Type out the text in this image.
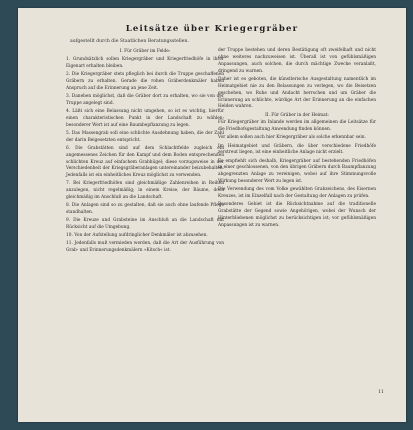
Leitsätze über Kriegergräber
aufgestellt durch die Staatlichen Beratungsstellen.

I. Für Gräber im Felde:

1. Grundsätzlich sollen Kriegergräber und Kriegerfriedhöfe in ihrer Eigenart erhalten bleiben.

2. Die Kriegergräber stets pfleglich bei durch die Truppe geschaffenen Gräbern zu erhalten. Gerade die rohen Gräberdenkmäler haben Anspruch auf die Erinnerung an jene Zeit.

3. Daneben möglichst, daß die Gräber dort zu erhalten, wo sie von der Truppe angelegt sind.

4. Läßt sich eine Belassung nicht umgehen, so ist es wichtig, hierfür einen charakteristischen Punkt in der Landschaft zu wählen; besonderer Wert ist auf eine Baumbepflanzung zu legen.

5. Das Massengrab soll eine schlichte Ausdehnung haben, die der Zahl der darin Beigesetzten entspricht.

6. Die Grabstätten sind auf dem Schlachtfelde zugleich ein angemessenes Zeichen für den Kampf und dem Boden entsprechenden schlichten Kreuz auf einfachem Grabhügel; diese vorzugsweise in der Verschiedenheit der Kriegsgräberanlagen untereinander beizubehalten. Jedenfalls ist ein einheitliches Kreuz möglichst zu verwenden.

7. Bei Kriegerfriedhöfen sind gleichmäßige Zahlenreihen in Reihen anzulegen, nicht regelmäßig; in einem Kreise, der Bäume, doch gleichmäßig im Anschluß an die Landschaft.

8. Die Anlagen sind so zu gestalten, daß sie auch ohne laufende Pflege standhalten.

9. Die Kreuze und Grabsteine im Anschluß an die Landschaft mit Rücksicht auf die Umgebung.

10. Von der Aufstellung aufdringlicher Denkmäler ist abzusehen.

11. Jedenfalls muß vermieden werden, daß die Art der Ausführung von Grab- und Erinnerungsdenkmälern »Kitsch« ist.

der Truppe bestehen und deren Bestätigung oft zweifelhaft und nicht ohne weiteres nachzuweisen ist. Überall ist von gefühlsmäßigen Anpassungen, auch solchen, die durch mächtige Zwecke veranlaßt, dringend zu warnen.

Daher ist es geboten, die künstlerische Ausgestaltung namentlich im Heimatgebiet nie zu den Belassungen zu verlegen, wo die Beisetzen geschehen, wo Ruhe und Andacht herrschen und um Gräber die Erinnerung an schlichte, würdige Art der Erinnerung an die einfachen Helden wahren.

II. Für Gräber in der Heimat:

Für Kriegergräber im Inlande werden im allgemeinen die Leitsätze für die Friedhofsgestaltung Anwendung finden können.

Vor allem sollen auch hier Kriegergräber als solche erkennbar sein.

Im Heimatgebiet und Gräbern, die über verschiedene Friedhöfe zerstreut liegen, ist eine einheitliche Anlage nicht erzielt.

Es empfiehlt sich deshalb, Kriegergräber auf bestehenden Friedhöfen in einer geschlossenen, von den übrigen Gräbern durch Baumpflanzung abgegrenzten Anlage zu vereinigen, wobei auf ihre Stimmungsvolle Wirkung besonderer Wert zu legen ist.

Die Verwendung des vom Volke gewählten Grabzeichens, des Eisernen Kreuzes, ist im Einzelfall nach der Gestaltung der Anlagen zu prüfen.

Besonderes Gebiet ist die Rücksichtnahme auf die traditionelle Grabstätte der Gegend sowie Angehörigen, wobei der Wunsch der Hinterbliebenen möglichst zu berücksichtigen ist; vor gefühlsmäßigen Anpassungen ist zu warnen.

11
